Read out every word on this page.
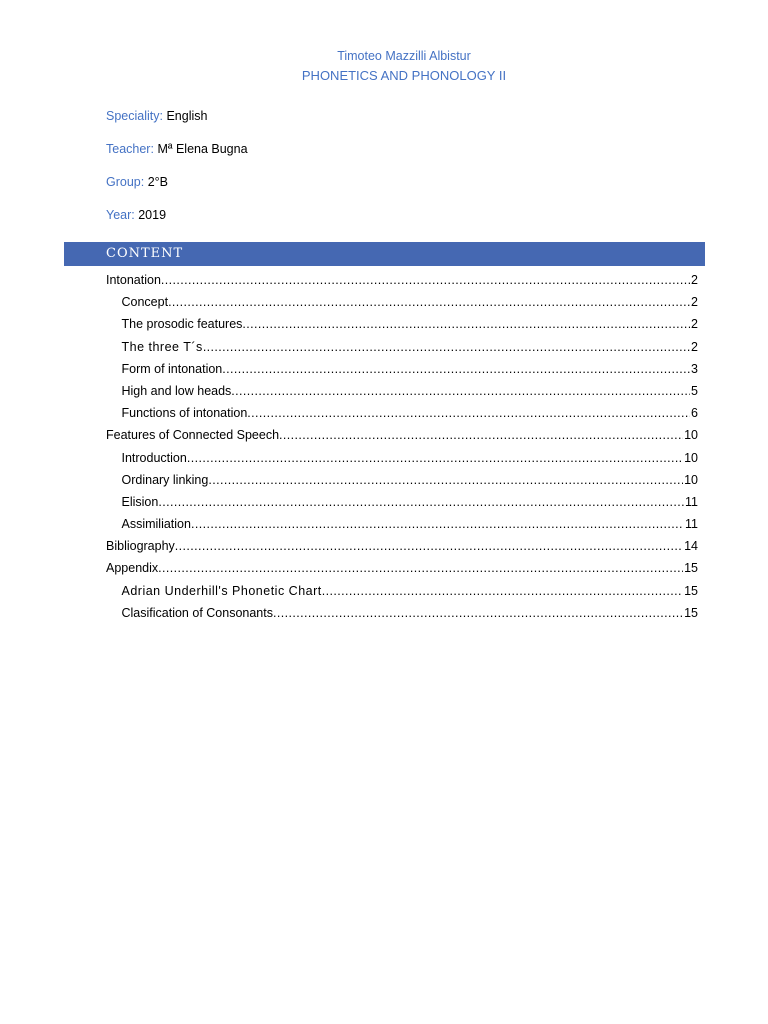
Timoteo Mazzilli Albistur
PHONETICS AND PHONOLOGY II
Speciality: English
Teacher: Mª Elena Bugna
Group: 2°B
Year: 2019
CONTENT
Intonation .....	2
Concept .....	2
The prosodic features .....	2
The three T´s .....	2
Form of intonation .....	3
High and low heads .....	5
Functions of intonation .....	6
Features of Connected Speech .....	10
Introduction .....	10
Ordinary linking .....	10
Elision .....	11
Assimiliation .....	11
Bibliography .....	14
Appendix .....	15
Adrian Underhill's Phonetic Chart .....	15
Clasification of Consonants .....	15
